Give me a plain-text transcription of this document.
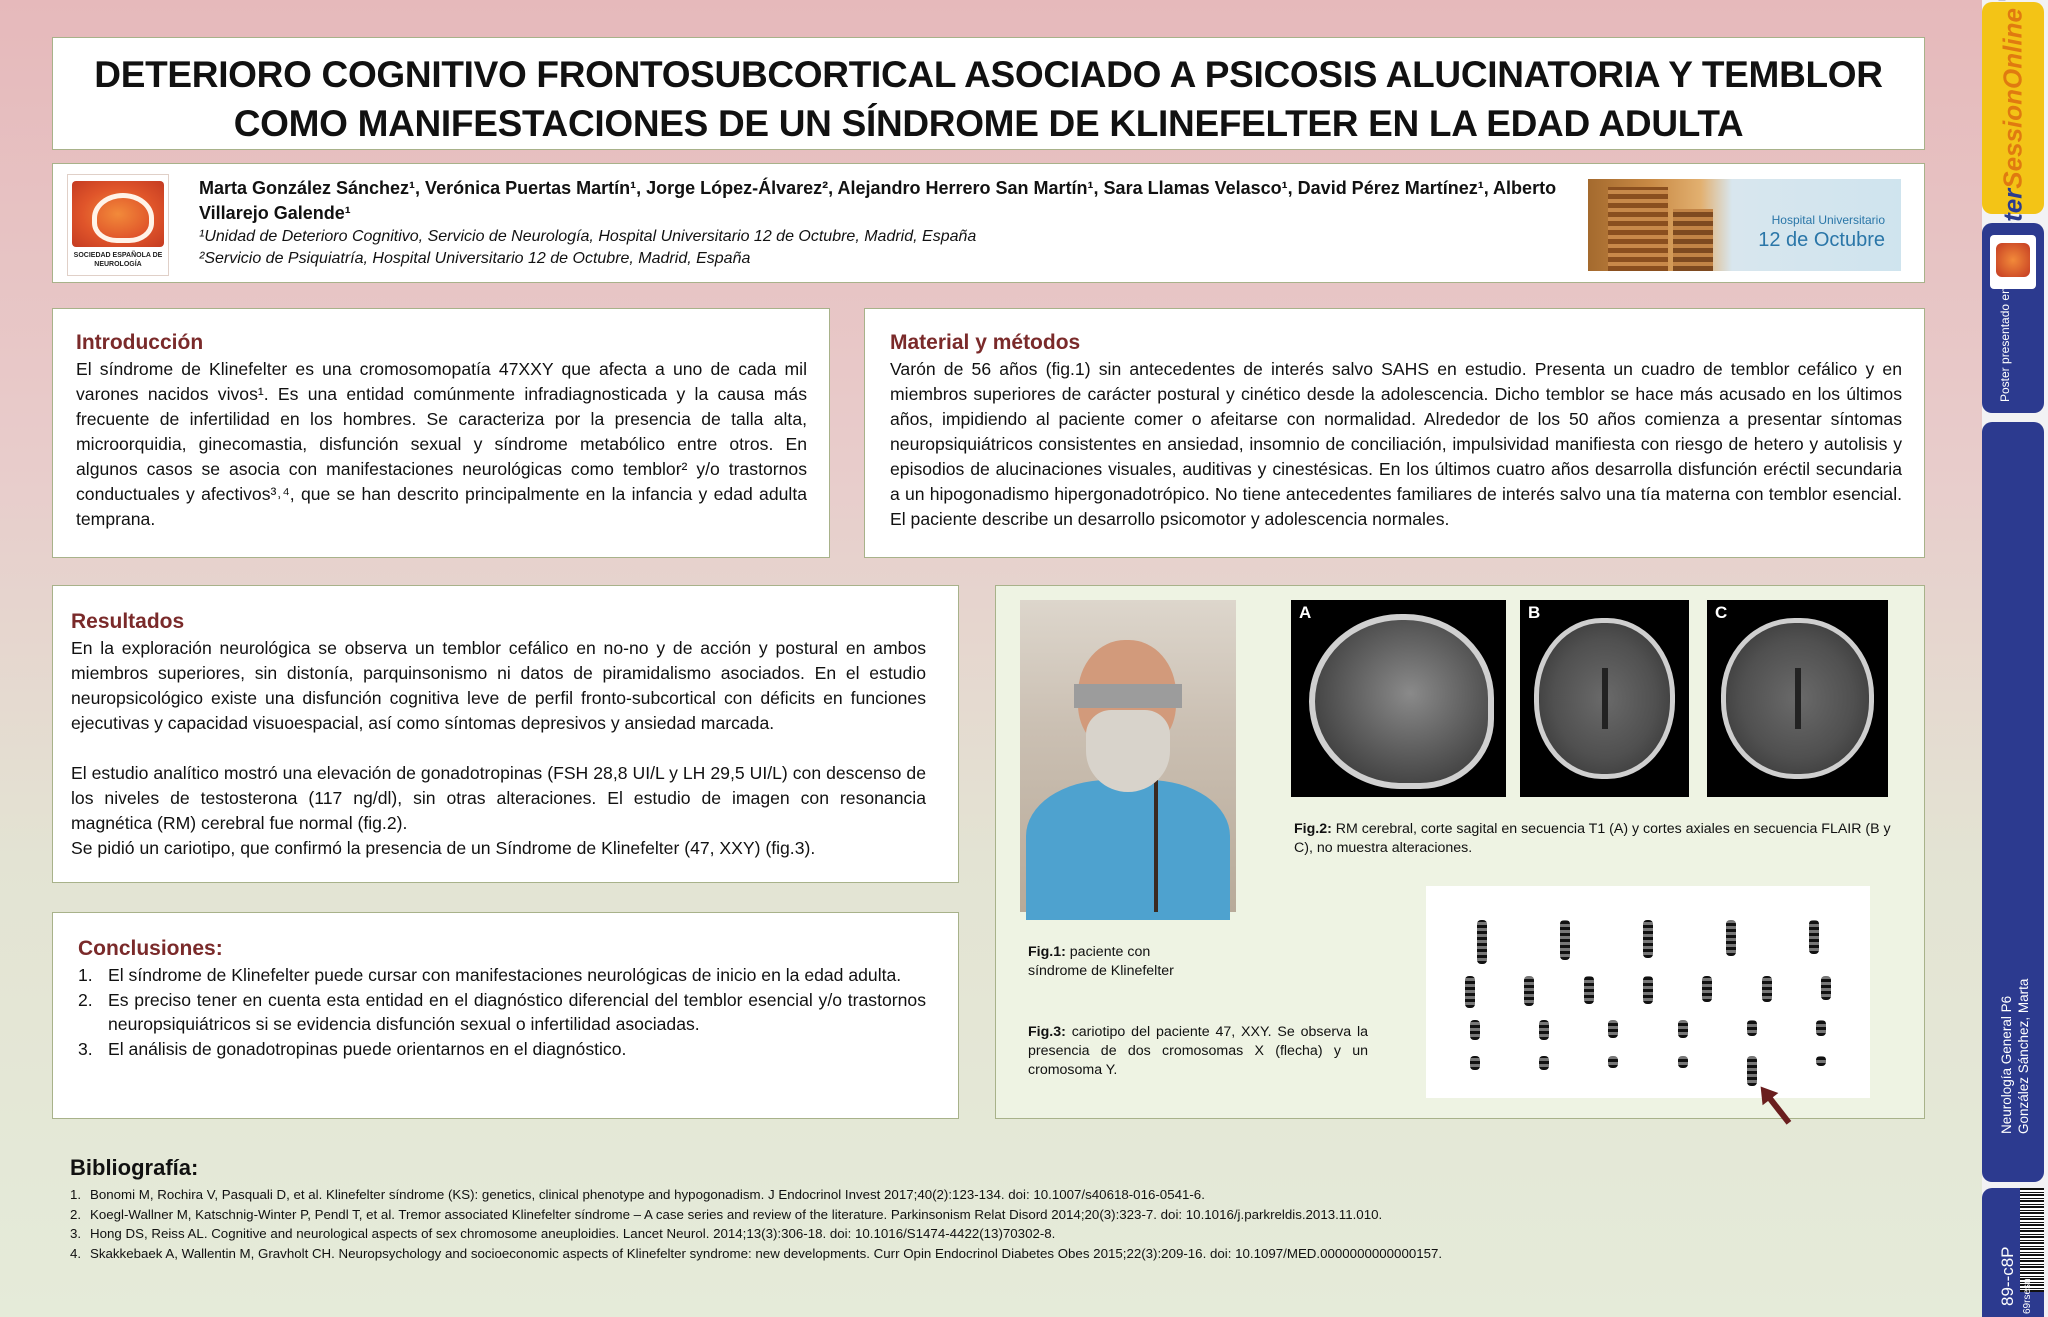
DETERIORO COGNITIVO FRONTOSUBCORTICAL ASOCIADO A PSICOSIS ALUCINATORIA Y TEMBLOR
COMO MANIFESTACIONES DE UN SÍNDROME DE KLINEFELTER EN LA EDAD ADULTA
SOCIEDAD ESPAÑOLA DE NEUROLOGÍA
Marta González Sánchez¹, Verónica Puertas Martín¹, Jorge López-Álvarez², Alejandro Herrero San Martín¹, Sara Llamas Velasco¹, David Pérez Martínez¹, Alberto Villarejo Galende¹
¹Unidad de Deterioro Cognitivo, Servicio de Neurología, Hospital Universitario 12 de Octubre, Madrid, España
²Servicio de Psiquiatría, Hospital Universitario 12 de Octubre, Madrid, España
Hospital Universitario
12 de Octubre
Introducción

El síndrome de Klinefelter es una cromosomopatía 47XXY que afecta a uno de cada mil varones nacidos vivos¹. Es una entidad comúnmente infradiagnosticada y la causa más frecuente de infertilidad en los hombres. Se caracteriza por la presencia de talla alta, microorquidia, ginecomastia, disfunción sexual y síndrome metabólico entre otros. En algunos casos se asocia con manifestaciones neurológicas como temblor² y/o trastornos conductuales y afectivos³˒⁴, que se han descrito principalmente en la infancia y edad adulta temprana.

Material y métodos

Varón de 56 años (fig.1) sin antecedentes de interés salvo SAHS en estudio. Presenta un cuadro de temblor cefálico y en miembros superiores de carácter postural y cinético desde la adolescencia. Dicho temblor se hace más acusado en los últimos años, impidiendo al paciente comer o afeitarse con normalidad. Alrededor de los 50 años comienza a presentar síntomas neuropsiquiátricos consistentes en ansiedad, insomnio de conciliación, impulsividad manifiesta con riesgo de hetero y autolisis y episodios de alucinaciones visuales, auditivas y cinestésicas. En los últimos cuatro años desarrolla disfunción eréctil secundaria a un hipogonadismo hipergonadotrópico. No tiene antecedentes familiares de interés salvo una tía materna con temblor esencial. El paciente describe un desarrollo psicomotor y adolescencia normales.

Resultados

En la exploración neurológica se observa un temblor cefálico en no-no y de acción y postural en ambos miembros superiores, sin distonía, parquinsonismo ni datos de piramidalismo asociados. En el estudio neuropsicológico existe una disfunción cognitiva leve de perfil fronto-subcortical con déficits en funciones ejecutivas y capacidad visuoespacial, así como síntomas depresivos y ansiedad marcada.

El estudio analítico mostró una elevación de gonadotropinas (FSH 28,8 UI/L y LH 29,5 UI/L) con descenso de los niveles de testosterona (117 ng/dl), sin otras alteraciones. El estudio de imagen con resonancia magnética (RM) cerebral fue normal (fig.2).

Se pidió un cariotipo, que confirmó la presencia de un Síndrome de Klinefelter (47, XXY) (fig.3).

Conclusiones:
1. El síndrome de Klinefelter puede cursar con manifestaciones neurológicas de inicio en la edad adulta.
2. Es preciso tener en cuenta esta entidad en el diagnóstico diferencial del temblor esencial y/o trastornos neuropsiquiátricos si se evidencia disfunción sexual o infertilidad asociadas.
3. El análisis de gonadotropinas puede orientarnos en el diagnóstico.
A	B	C
Fig.2: RM cerebral, corte sagital en secuencia T1 (A) y cortes axiales en secuencia FLAIR (B y C), no muestra alteraciones.
Fig.1: paciente con síndrome de Klinefelter
Fig.3: cariotipo del paciente 47, XXY. Se observa la presencia de dos cromosomas X (flecha) y un cromosoma Y.
Bibliografía:
1. Bonomi M, Rochira V, Pasquali D, et al. Klinefelter síndrome (KS): genetics, clinical phenotype and hypogonadism. J Endocrinol Invest 2017;40(2):123-134. doi: 10.1007/s40618-016-0541-6.
2. Koegl-Wallner M, Katschnig-Winter P, Pendl T, et al. Tremor associated Klinefelter síndrome – A case series and review of the literature. Parkinsonism Relat Disord 2014;20(3):323-7. doi: 10.1016/j.parkreldis.2013.11.010.
3. Hong DS, Reiss AL. Cognitive and neurological aspects of sex chromosome aneuploidies. Lancet Neurol. 2014;13(3):306-18. doi: 10.1016/S1474-4422(13)70302-8.
4. Skakkebaek A, Wallentin M, Gravholt CH. Neuropsychology and socioeconomic aspects of Klinefelter syndrome: new developments. Curr Opin Endocrinol Diabetes Obes 2015;22(3):209-16. doi: 10.1097/MED.0000000000000157.
SessionOnline
Poster presentado en:
Neurología General P6 González Sánchez, Marta
89--c8P 69rsesn
